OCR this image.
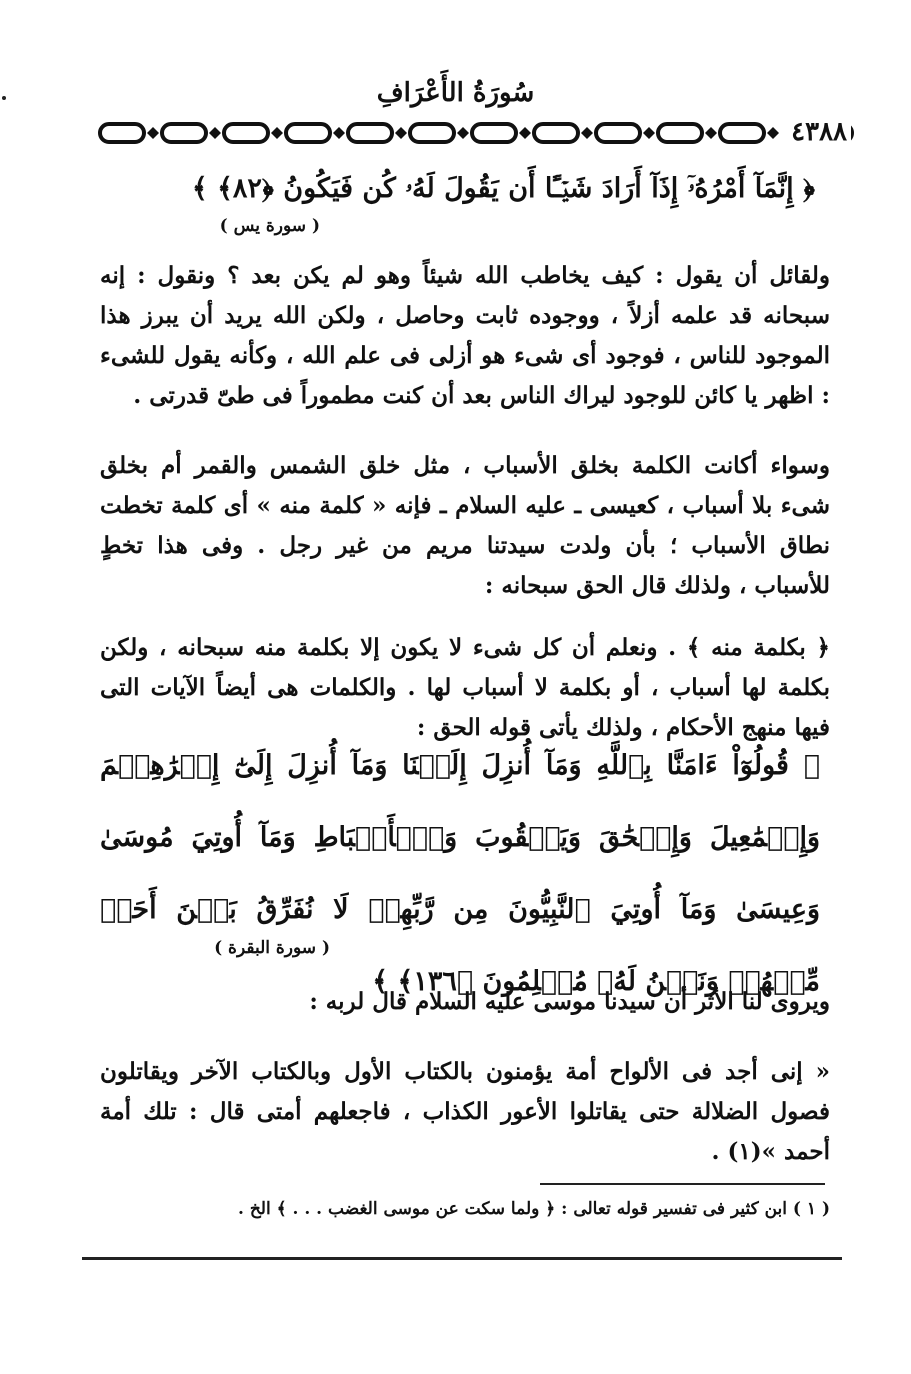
سُورَةُ الأَعْرَافِ
٤٣٨٨
﴿ إِنَّمَآ أَمْرُهُۥٓ إِذَآ أَرَادَ شَيۡـًٔا أَن يَقُولَ لَهُۥ كُن فَيَكُونُ ﴿٨٢﴾ ﴾
( سورة يس )
ولقائل أن يقول : كيف يخاطب الله شيئاً وهو لم يكن بعد ؟ ونقول : إنه سبحانه قد علمه أزلاً ، ووجوده ثابت وحاصل ، ولكن الله يريد أن يبرز هذا الموجود للناس ، فوجود أى شىء هو أزلى فى علم الله ، وكأنه يقول للشىء : اظهر يا كائن للوجود ليراك الناس بعد أن كنت مطموراً فى طىّ قدرتى .
وسواء أكانت الكلمة بخلق الأسباب ، مثل خلق الشمس والقمر أم بخلق شىء بلا أسباب ، كعيسى ـ عليه السلام ـ فإنه « كلمة منه » أى كلمة تخطت نطاق الأسباب ؛ بأن ولدت سيدتنا مريم من غير رجل . وفى هذا تخطٍ للأسباب ، ولذلك قال الحق سبحانه :
﴿ بكلمة منه ﴾ . ونعلم أن كل شىء لا يكون إلا بكلمة منه سبحانه ، ولكن بكلمة لها أسباب ، أو بكلمة لا أسباب لها . والكلمات هى أيضاً الآيات التى فيها منهج الأحكام ، ولذلك يأتى قوله الحق :
﴿ قُولُوٓاْ ءَامَنَّا بِٱللَّهِ وَمَآ أُنزِلَ إِلَيۡنَا وَمَآ أُنزِلَ إِلَىٰٓ إِبۡرَٰهِـۧمَ وَإِسۡمَٰعِيلَ وَإِسۡحَٰقَ وَيَعۡقُوبَ وَٱلۡأَسۡبَاطِ وَمَآ أُوتِيَ مُوسَىٰ وَعِيسَىٰ وَمَآ أُوتِيَ ٱلنَّبِيُّونَ مِن رَّبِّهِمۡ لَا نُفَرِّقُ بَيۡنَ أَحَدٖ مِّنۡهُمۡ وَنَحۡنُ لَهُۥ مُسۡلِمُونَ ﴿١٣٦﴾ ﴾
( سورة البقرة )
ويروى لنا الأثر أن سيدنا موسى عليه السلام قال لربه :
« إنى أجد فى الألواح أمة يؤمنون بالكتاب الأول وبالكتاب الآخر ويقاتلون فصول الضلالة حتى يقاتلوا الأعور الكذاب ، فاجعلهم أمتى قال : تلك أمة أحمد »(١) .
( ١ ) ابن كثير فى تفسير قوله تعالى : ﴿ ولما سكت عن موسى الغضب . . . ﴾ الخ .
